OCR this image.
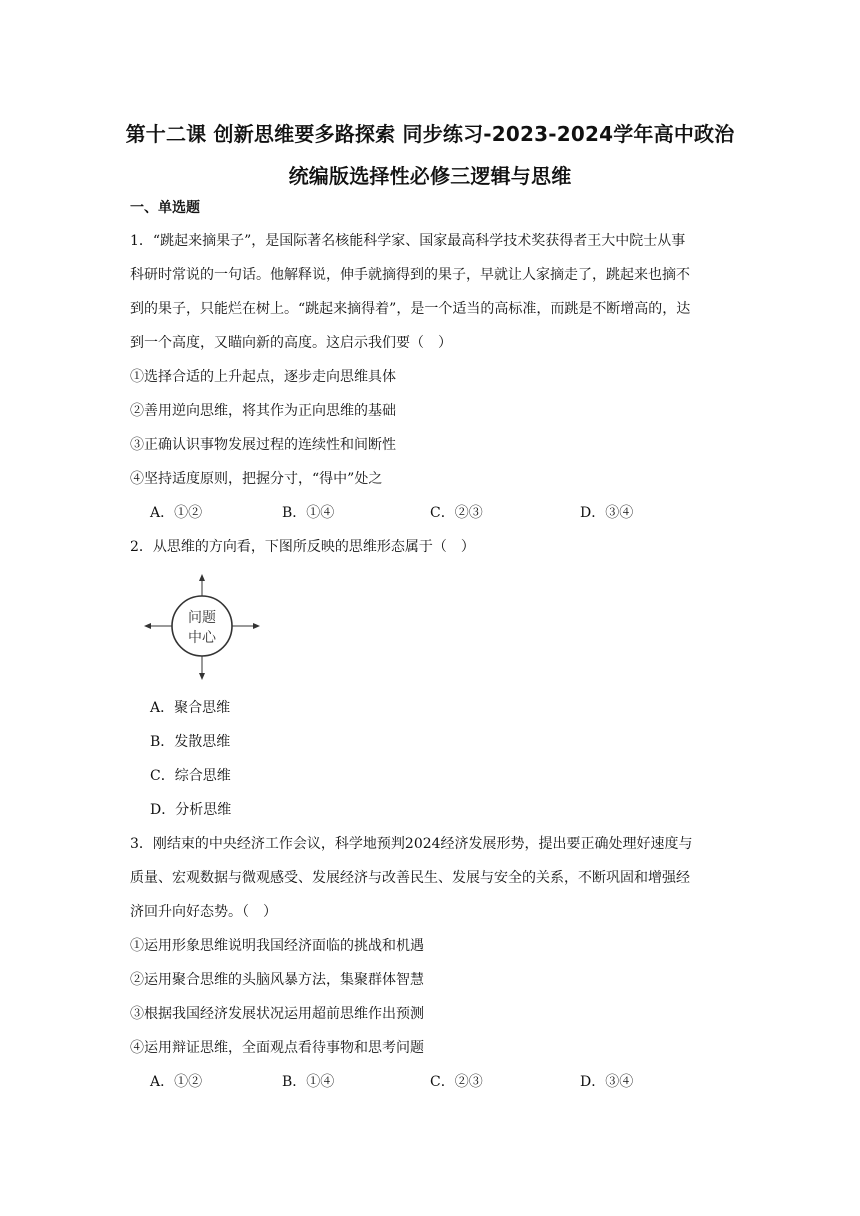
第十二课 创新思维要多路探索 同步练习-2023-2024学年高中政治
统编版选择性必修三逻辑与思维
一、单选题
1．“跳起来摘果子”，是国际著名核能科学家、国家最高科学技术奖获得者王大中院士从事
科研时常说的一句话。他解释说，伸手就摘得到的果子，早就让人家摘走了，跳起来也摘不
到的果子，只能烂在树上。“跳起来摘得着”，是一个适当的高标准，而跳是不断增高的，达
到一个高度，又瞄向新的高度。这启示我们要（　）
①选择合适的上升起点，逐步走向思维具体
②善用逆向思维，将其作为正向思维的基础
③正确认识事物发展过程的连续性和间断性
④坚持适度原则，把握分寸，“得中”处之
A．①②	B．①④	C．②③	D．③④
2．从思维的方向看，下图所反映的思维形态属于（　）
问题
中心
A．聚合思维
B．发散思维
C．综合思维
D．分析思维
3．刚结束的中央经济工作会议，科学地预判2024经济发展形势，提出要正确处理好速度与
质量、宏观数据与微观感受、发展经济与改善民生、发展与安全的关系，不断巩固和增强经
济回升向好态势。（　）
①运用形象思维说明我国经济面临的挑战和机遇
②运用聚合思维的头脑风暴方法，集聚群体智慧
③根据我国经济发展状况运用超前思维作出预测
④运用辩证思维，全面观点看待事物和思考问题
A．①②	B．①④	C．②③	D．③④
